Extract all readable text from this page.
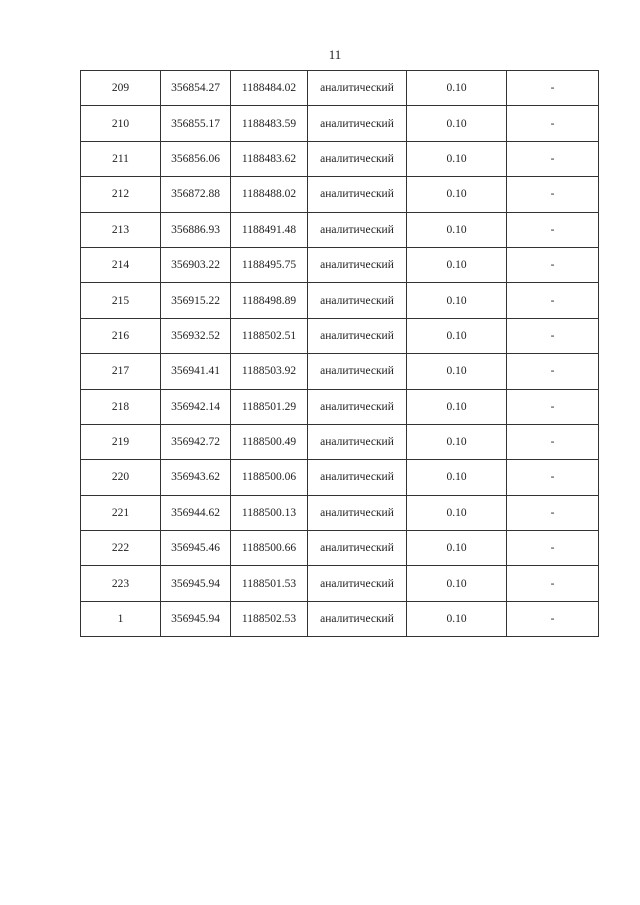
11
209	356854.27	1188484.02	аналитический	0.10	-
210	356855.17	1188483.59	аналитический	0.10	-
211	356856.06	1188483.62	аналитический	0.10	-
212	356872.88	1188488.02	аналитический	0.10	-
213	356886.93	1188491.48	аналитический	0.10	-
214	356903.22	1188495.75	аналитический	0.10	-
215	356915.22	1188498.89	аналитический	0.10	-
216	356932.52	1188502.51	аналитический	0.10	-
217	356941.41	1188503.92	аналитический	0.10	-
218	356942.14	1188501.29	аналитический	0.10	-
219	356942.72	1188500.49	аналитический	0.10	-
220	356943.62	1188500.06	аналитический	0.10	-
221	356944.62	1188500.13	аналитический	0.10	-
222	356945.46	1188500.66	аналитический	0.10	-
223	356945.94	1188501.53	аналитический	0.10	-
1	356945.94	1188502.53	аналитический	0.10	-
